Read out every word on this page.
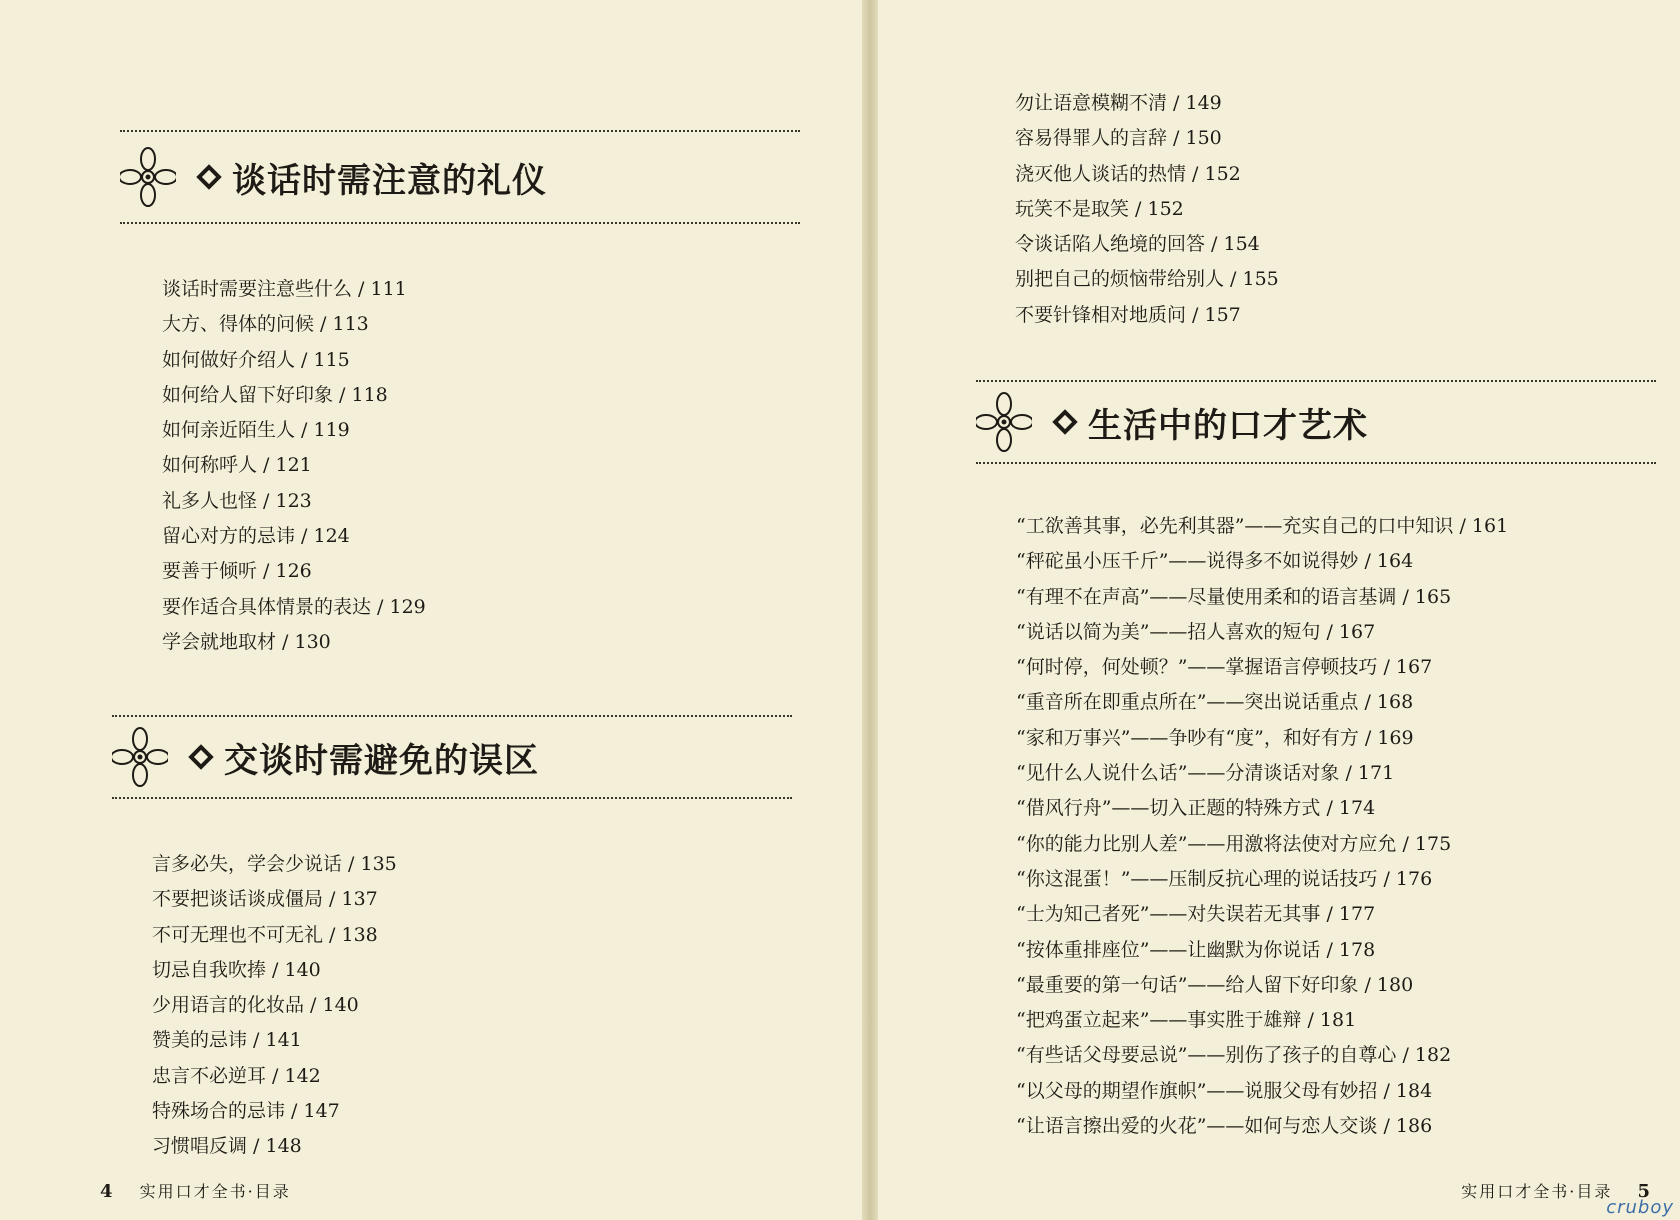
谈话时需注意的礼仪
谈话时需要注意些什么 / 111
大方、得体的问候 / 113
如何做好介绍人 / 115
如何给人留下好印象 / 118
如何亲近陌生人 / 119
如何称呼人 / 121
礼多人也怪 / 123
留心对方的忌讳 / 124
要善于倾听 / 126
要作适合具体情景的表达 / 129
学会就地取材 / 130
交谈时需避免的误区
言多必失，学会少说话 / 135
不要把谈话谈成僵局 / 137
不可无理也不可无礼 / 138
切忌自我吹捧 / 140
少用语言的化妆品 / 140
赞美的忌讳 / 141
忠言不必逆耳 / 142
特殊场合的忌讳 / 147
习惯唱反调 / 148
4 实用口才全书·目录
勿让语意模糊不清 / 149
容易得罪人的言辞 / 150
浇灭他人谈话的热情 / 152
玩笑不是取笑 / 152
令谈话陷人绝境的回答 / 154
别把自己的烦恼带给别人 / 155
不要针锋相对地质问 / 157
生活中的口才艺术
“工欲善其事，必先利其器”——充实自己的口中知识 / 161
“秤砣虽小压千斤”——说得多不如说得妙 / 164
“有理不在声高”——尽量使用柔和的语言基调 / 165
“说话以简为美”——招人喜欢的短句 / 167
“何时停，何处顿？”——掌握语言停顿技巧 / 167
“重音所在即重点所在”——突出说话重点 / 168
“家和万事兴”——争吵有“度”，和好有方 / 169
“见什么人说什么话”——分清谈话对象 / 171
“借风行舟”——切入正题的特殊方式 / 174
“你的能力比别人差”——用激将法使对方应允 / 175
“你这混蛋！”——压制反抗心理的说话技巧 / 176
“士为知己者死”——对失误若无其事 / 177
“按体重排座位”——让幽默为你说话 / 178
“最重要的第一句话”——给人留下好印象 / 180
“把鸡蛋立起来”——事实胜于雄辩 / 181
“有些话父母要忌说”——别伤了孩子的自尊心 / 182
“以父母的期望作旗帜”——说服父母有妙招 / 184
“让语言擦出爱的火花”——如何与恋人交谈 / 186
实用口才全书·目录 5
cruboy
